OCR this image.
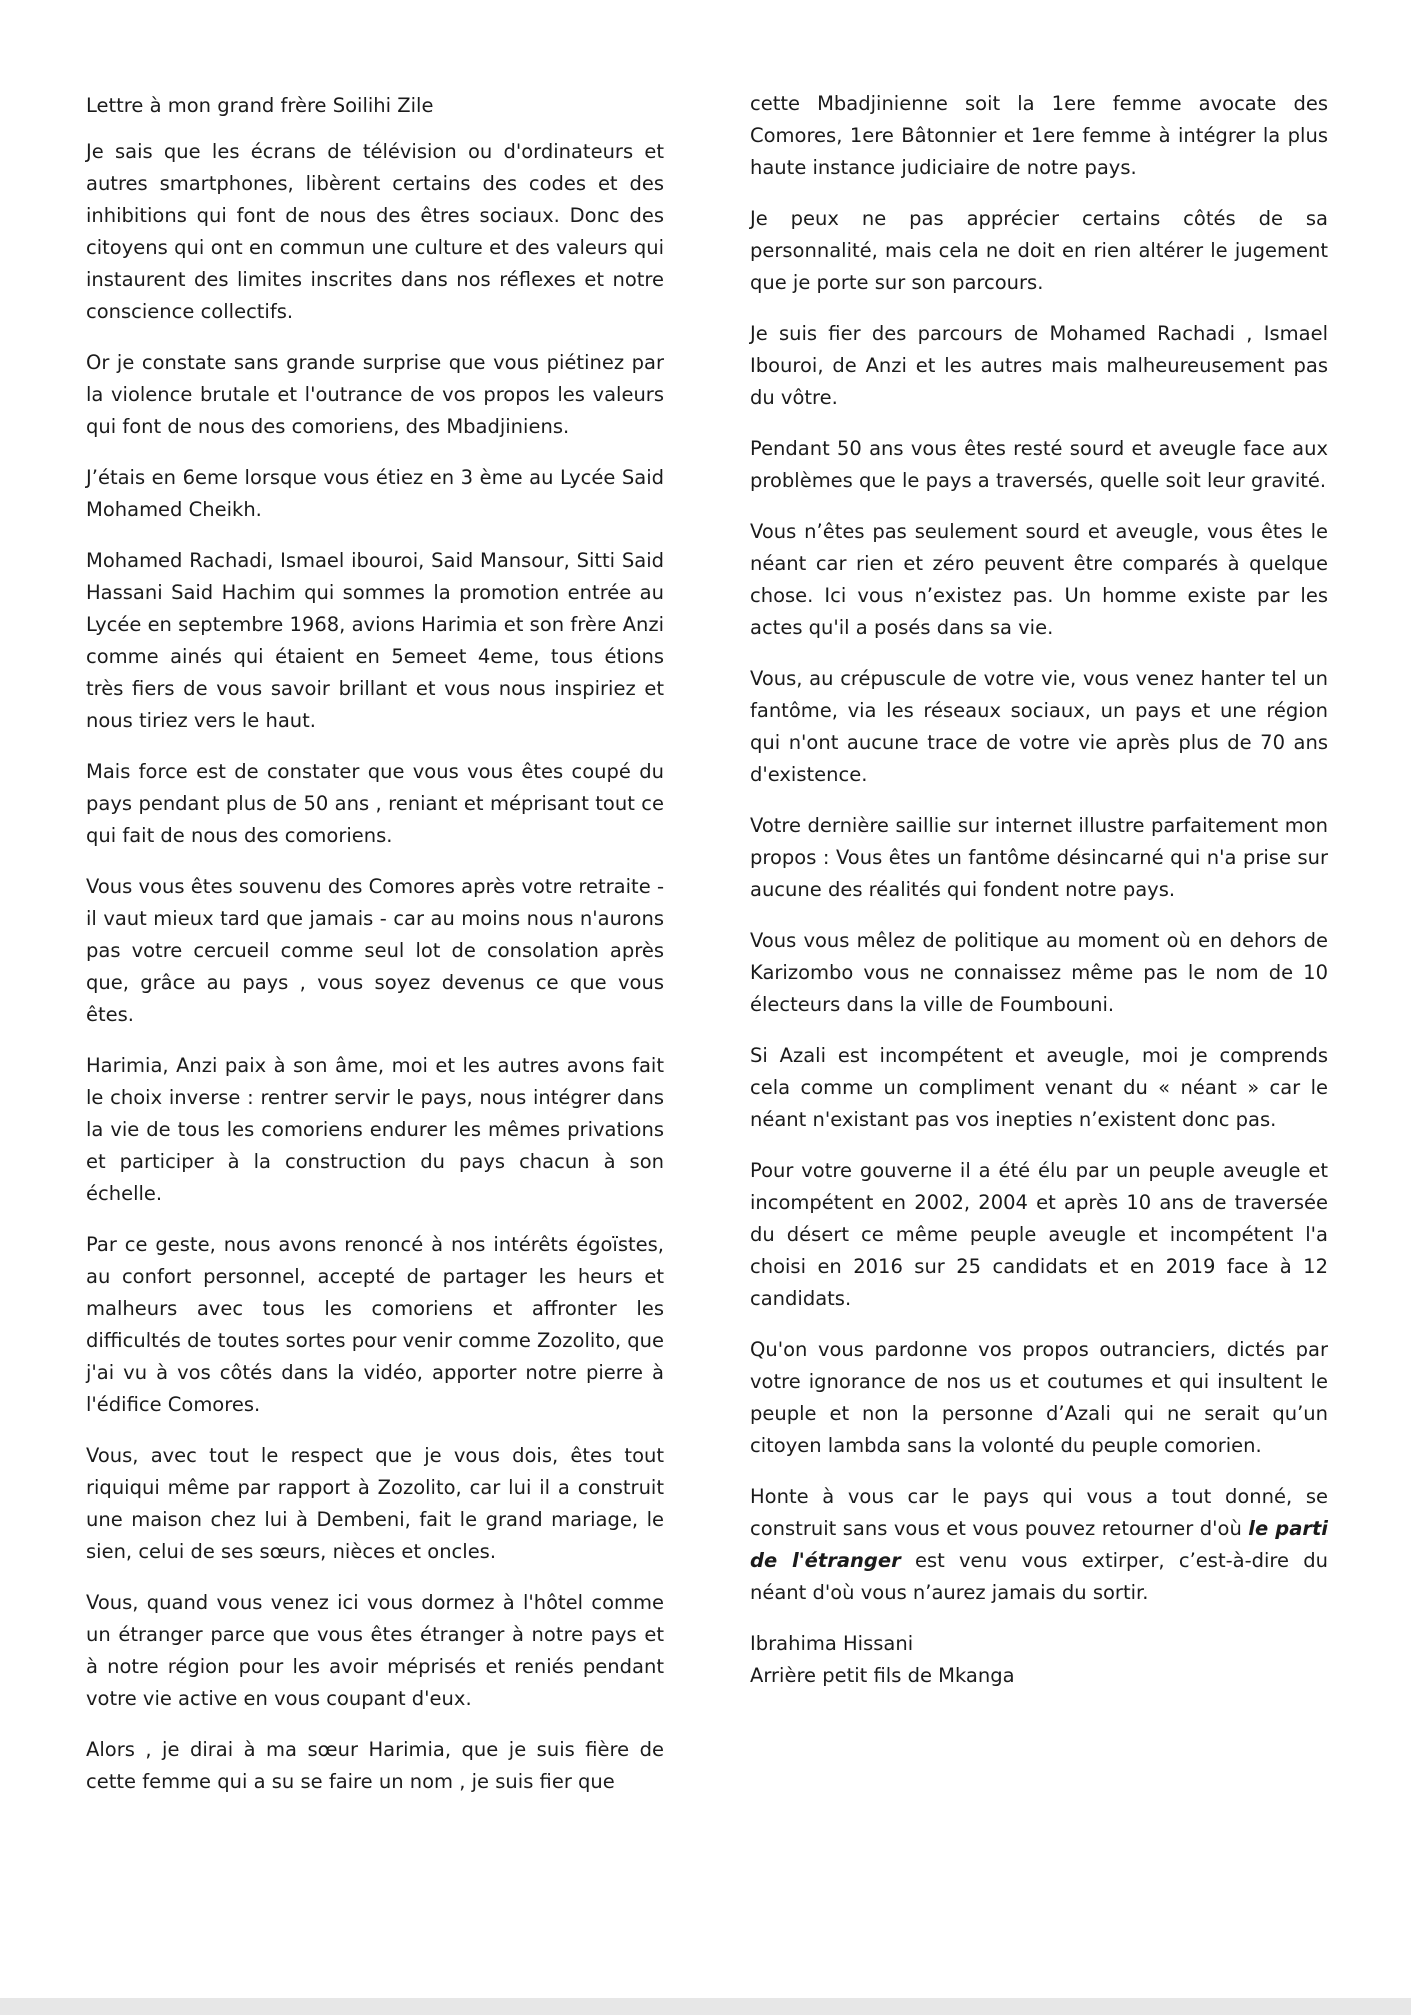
Lettre à mon grand frère Soilihi Zile

Je sais que les écrans de télévision ou d'ordinateurs et autres smartphones, libèrent certains des codes et des inhibitions qui font de nous des êtres sociaux. Donc des citoyens qui ont en commun une culture et des valeurs qui instaurent des limites inscrites dans nos réflexes et notre conscience collectifs.

Or je constate sans grande surprise que vous piétinez par la violence brutale et l'outrance de vos propos les valeurs qui font de nous des comoriens, des Mbadjiniens.

J’étais en 6eme lorsque vous étiez en 3 ème au Lycée Said Mohamed Cheikh.

Mohamed Rachadi, Ismael ibouroi, Said Mansour, Sitti Said Hassani Said Hachim qui sommes la promotion entrée au Lycée en septembre 1968, avions Harimia et son frère Anzi comme ainés qui étaient en 5emeet 4eme, tous étions très fiers de vous savoir brillant et vous nous inspiriez et nous tiriez vers le haut.

Mais force est de constater que vous vous êtes coupé du pays pendant plus de 50 ans , reniant et méprisant tout ce qui fait de nous des comoriens.

Vous vous êtes souvenu des Comores après votre retraite - il vaut mieux tard que jamais - car au moins nous n'aurons pas votre cercueil comme seul lot de consolation après que, grâce au pays , vous soyez devenus ce que vous êtes.

Harimia, Anzi paix à son âme, moi et les autres avons fait le choix inverse : rentrer servir le pays, nous intégrer dans la vie de tous les comoriens endurer les mêmes privations et participer à la construction du pays chacun à son échelle.

Par ce geste, nous avons renoncé à nos intérêts égoïstes, au confort personnel, accepté de partager les heurs et malheurs avec tous les comoriens et affronter les difficultés de toutes sortes pour venir comme Zozolito, que j'ai vu à vos côtés dans la vidéo, apporter notre pierre à l'édifice Comores.

Vous, avec tout le respect que je vous dois, êtes tout riquiqui même par rapport à Zozolito, car lui il a construit une maison chez lui à Dembeni, fait le grand mariage, le sien, celui de ses sœurs, nièces et oncles.

Vous, quand vous venez ici vous dormez à l'hôtel comme un étranger parce que vous êtes étranger à notre pays et à notre région pour les avoir méprisés et reniés pendant votre vie active en vous coupant d'eux.

Alors , je dirai à ma sœur Harimia, que je suis fière de cette femme qui a su se faire un nom , je suis fier que

cette Mbadjinienne soit la 1ere femme avocate des Comores, 1ere Bâtonnier et 1ere femme à intégrer la plus haute instance judiciaire de notre pays.

Je peux ne pas apprécier certains côtés de sa personnalité, mais cela ne doit en rien altérer le jugement que je porte sur son parcours.

Je suis fier des parcours de Mohamed Rachadi , Ismael Ibouroi, de Anzi et les autres mais malheureusement pas du vôtre.

Pendant 50 ans vous êtes resté sourd et aveugle face aux problèmes que le pays a traversés, quelle soit leur gravité.

Vous n’êtes pas seulement sourd et aveugle, vous êtes le néant car rien et zéro peuvent être comparés à quelque chose. Ici vous n’existez pas. Un homme existe par les actes qu'il a posés dans sa vie.

Vous, au crépuscule de votre vie, vous venez hanter tel un fantôme, via les réseaux sociaux, un pays et une région qui n'ont aucune trace de votre vie après plus de 70 ans d'existence.

Votre dernière saillie sur internet illustre parfaitement mon propos : Vous êtes un fantôme désincarné qui n'a prise sur aucune des réalités qui fondent notre pays.

Vous vous mêlez de politique au moment où en dehors de Karizombo vous ne connaissez même pas le nom de 10 électeurs dans la ville de Foumbouni.

Si Azali est incompétent et aveugle, moi je comprends cela comme un compliment venant du « néant » car le néant n'existant pas vos inepties n’existent donc pas.

Pour votre gouverne il a été élu par un peuple aveugle et incompétent en 2002, 2004 et après 10 ans de traversée du désert ce même peuple aveugle et incompétent l'a choisi en 2016 sur 25 candidats et en 2019 face à 12 candidats.

Qu'on vous pardonne vos propos outranciers, dictés par votre ignorance de nos us et coutumes et qui insultent le peuple et non la personne d’Azali qui ne serait qu’un citoyen lambda sans la volonté du peuple comorien.

Honte à vous car le pays qui vous a tout donné, se construit sans vous et vous pouvez retourner d'où le parti de l'étranger est venu vous extirper, c’est-à-dire du néant d'où vous n’aurez jamais du sortir.

Ibrahima Hissani

Arrière petit fils de Mkanga
